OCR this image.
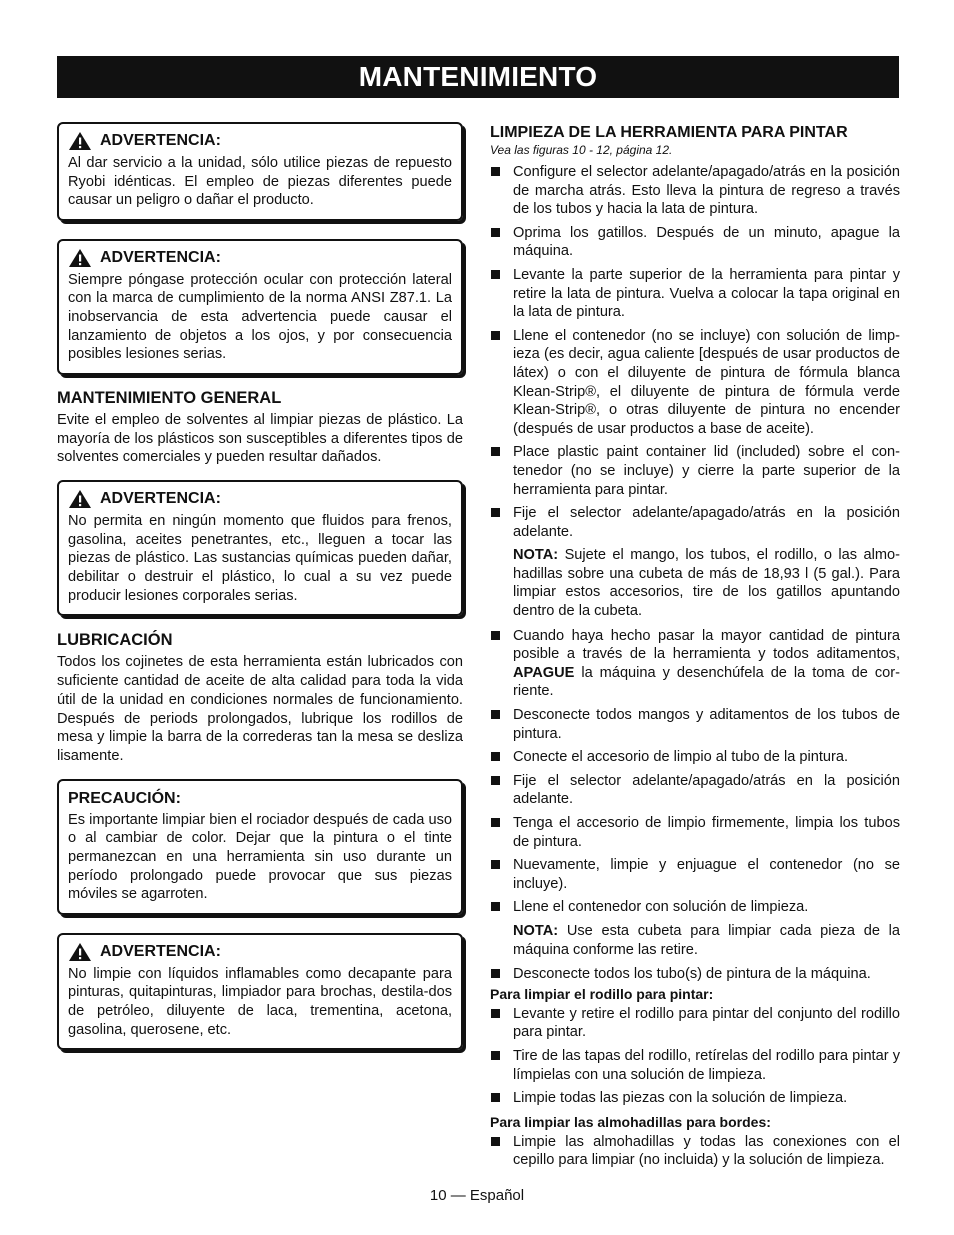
MANTENIMIENTO
ADVERTENCIA:
Al dar servicio a la unidad, sólo utilice piezas de repuesto Ryobi idénticas. El empleo de piezas diferentes puede causar un peligro o dañar el producto.
ADVERTENCIA:
Siempre póngase protección ocular con protección lateral con la marca de cumplimiento de la norma ANSI Z87.1. La inobservancia de esta advertencia puede causar el lanzamiento de objetos a los ojos, y por consecuencia posibles lesiones serias.
MANTENIMIENTO GENERAL

Evite el empleo de solventes al limpiar piezas de plástico. La mayoría de los plásticos son susceptibles a diferentes tipos de solventes comerciales y pueden resultar dañados.

ADVERTENCIA:
No permita en ningún momento que fluidos para frenos, gasolina, aceites penetrantes, etc., lleguen a tocar las piezas de plástico. Las sustancias químicas pueden dañar, debilitar o destruir el plástico, lo cual a su vez puede producir lesiones corporales serias.
LUBRICACIÓN

Todos los cojinetes de esta herramienta están lubricados con suficiente cantidad de aceite de alta calidad para toda la vida útil de la unidad en condiciones normales de funcionamiento. Después de periods prolongados, lubrique los rodillos de mesa y limpie la barra de la correderas tan la mesa se desliza lisamente.

PRECAUCIÓN:
Es importante limpiar bien el rociador después de cada uso o al cambiar de color. Dejar que la pintura o el tinte permanezcan en una herramienta sin uso durante un período prolongado puede provocar que sus piezas móviles se agarroten.
ADVERTENCIA:
No limpie con líquidos inflamables como decapante para pinturas, quitapinturas, limpiador para brochas, destila-dos de petróleo, diluyente de laca, trementina, acetona, gasolina, querosene, etc.
LIMPIEZA DE LA HERRAMIENTA PARA PINTAR
Vea las figuras 10 - 12, página 12.
Configure el selector adelante/apagado/atrás en la posición de marcha atrás. Esto lleva la pintura de regreso a través de los tubos y hacia la lata de pintura.
Oprima los gatillos. Después de un minuto, apague la máquina.
Levante la parte superior de la herramienta para pintar y retire la lata de pintura. Vuelva a colocar la tapa original en la lata de pintura.
Llene el contenedor (no se incluye) con solución de limp-ieza (es decir, agua caliente [después de usar productos de látex) o con el diluyente de pintura de fórmula blanca Klean-Strip®, el diluyente de pintura de fórmula verde Klean-Strip®, o otras diluyente de pintura no encender (después de usar productos a base de aceite).
Place plastic paint container lid (included) sobre el con-tenedor (no se incluye) y cierre la parte superior de la herramienta para pintar.
Fije el selector adelante/apagado/atrás en la posición adelante.

NOTA: Sujete el mango, los tubos, el rodillo, o las almo-hadillas sobre una cubeta de más de 18,93 l (5 gal.). Para limpiar estos accesorios, tire de los gatillos apuntando dentro de la cubeta.

Cuando haya hecho pasar la mayor cantidad de pintura posible a través de la herramienta y todos aditamentos, APAGUE la máquina y desenchúfela de la toma de cor-riente.
Desconecte todos mangos y aditamentos de los tubos de pintura.
Conecte el accesorio de limpio al tubo de la pintura.
Fije el selector adelante/apagado/atrás en la posición adelante.
Tenga el accesorio de limpio firmemente, limpia los tubos de pintura.
Nuevamente, limpie y enjuague el contenedor (no se incluye).
Llene el contenedor con solución de limpieza.

NOTA: Use esta cubeta para limpiar cada pieza de la máquina conforme las retire.

Desconecte todos los tubo(s) de pintura de la máquina.
Para limpiar el rodillo para pintar:
Levante y retire el rodillo para pintar del conjunto del rodillo para pintar.
Tire de las tapas del rodillo, retírelas del rodillo para pintar y límpielas con una solución de limpieza.
Limpie todas las piezas con la solución de limpieza.
Para limpiar las almohadillas para bordes:
Limpie las almohadillas y todas las conexiones con el cepillo para limpiar (no incluida) y la solución de limpieza.
10 — Español
